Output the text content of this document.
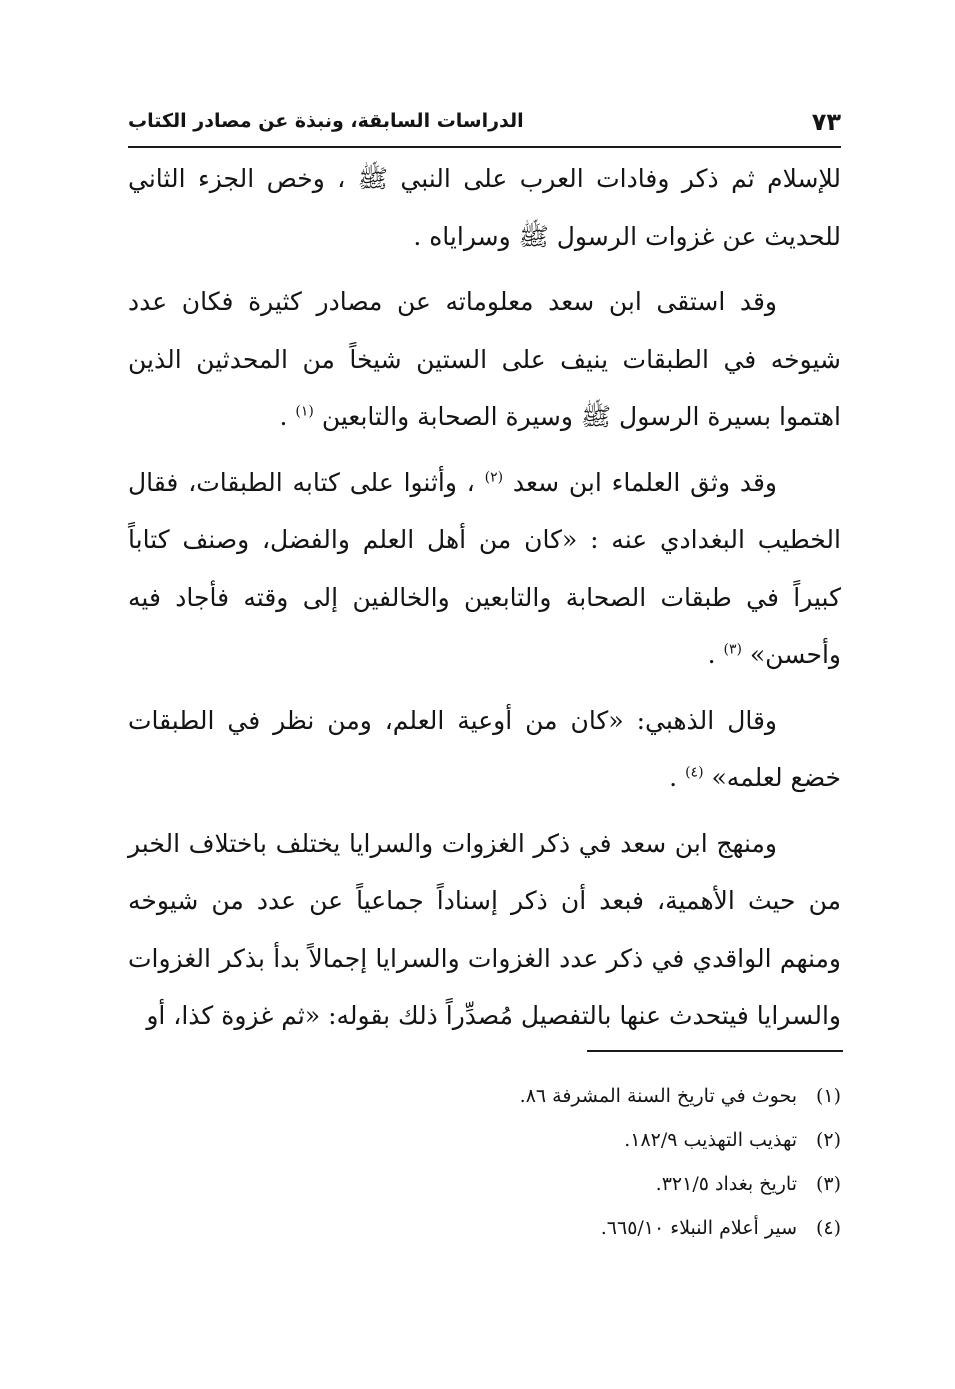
٧٣
الدراسات السابقة، ونبذة عن مصادر الكتاب

للإسلام ثم ذكر وفادات العرب على النبي ﷺ ، وخص الجزء الثاني للحديث عن غزوات الرسول ﷺ وسراياه .

وقد استقى ابن سعد معلوماته عن مصادر كثيرة فكان عدد شيوخه في الطبقات ينيف على الستين شيخاً من المحدثين الذين اهتموا بسيرة الرسول ﷺ وسيرة الصحابة والتابعين $^{(١)}$ .

وقد وثق العلماء ابن سعد $^{(٢)}$ ، وأثنوا على كتابه الطبقات، فقال الخطيب البغدادي عنه : «كان من أهل العلم والفضل، وصنف كتاباً كبيراً في طبقات الصحابة والتابعين والخالفين إلى وقته فأجاد فيه وأحسن» $^{(٣)}$ .

وقال الذهبي: «كان من أوعية العلم، ومن نظر في الطبقات خضع لعلمه» $^{(٤)}$ .

ومنهج ابن سعد في ذكر الغزوات والسرايا يختلف باختلاف الخبر من حيث الأهمية، فبعد أن ذكر إسناداً جماعياً عن عدد من شيوخه ومنهم الواقدي في ذكر عدد الغزوات والسرايا إجمالاً بدأ بذكر الغزوات والسرايا فيتحدث عنها بالتفصيل مُصدِّراً ذلك بقوله: «ثم غزوة كذا، أو

(١)
بحوث في تاريخ السنة المشرفة ٨٦.
(٢)
تهذيب التهذيب ١٨٢/٩.
(٣)
تاريخ بغداد ٣٢١/٥.
(٤)
سير أعلام النبلاء ٦٦٥/١٠.
